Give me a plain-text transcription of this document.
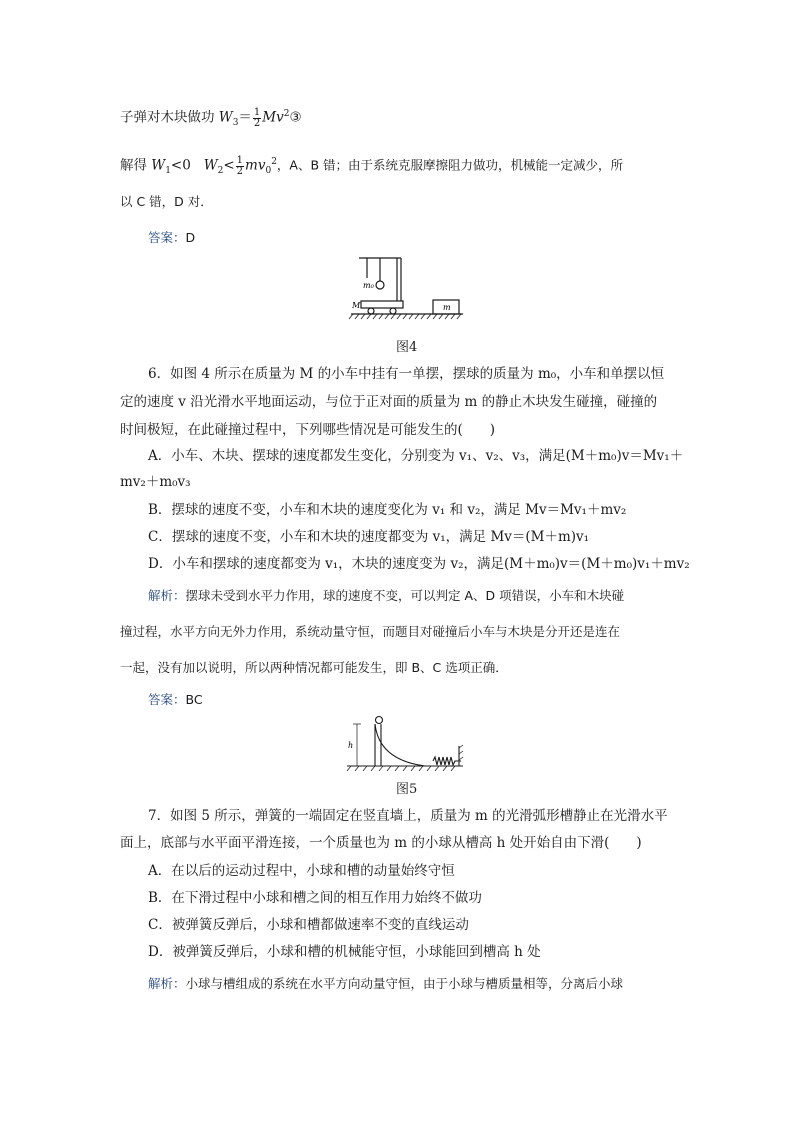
子弹对木块做功 $W_3= \frac{1}{2}$ Mv$^2$③
解得 $W_1<0$ $W_2< \frac{1}{2} mv_0^2$，A、B 错；由于系统克服摩擦阻力做功，机械能一定减少，所
以 C 错，D 对．
答案：D
m₀
M	m
图4
6．如图 4 所示在质量为 M 的小车中挂有一单摆，摆球的质量为 m₀，小车和单摆以恒
定的速度 v 沿光滑水平地面运动，与位于正对面的质量为 m 的静止木块发生碰撞，碰撞的
时间极短，在此碰撞过程中，下列哪些情况是可能发生的(　　)
A．小车、木块、摆球的速度都发生变化，分别变为 v₁、v₂、v₃，满足(M＋m₀)v＝Mv₁＋
mv₂＋m₀v₃
B．摆球的速度不变，小车和木块的速度变化为 v₁ 和 v₂，满足 Mv＝Mv₁＋mv₂
C．摆球的速度不变，小车和木块的速度都变为 v₁，满足 Mv＝(M＋m)v₁
D．小车和摆球的速度都变为 v₁，木块的速度变为 v₂，满足(M＋m₀)v＝(M＋m₀)v₁＋mv₂
解析：摆球未受到水平力作用，球的速度不变，可以判定 A、D 项错误，小车和木块碰
撞过程，水平方向无外力作用，系统动量守恒，而题目对碰撞后小车与木块是分开还是连在
一起，没有加以说明，所以两种情况都可能发生，即 B、C 选项正确．
答案：BC
h
图5
7．如图 5 所示，弹簧的一端固定在竖直墙上，质量为 m 的光滑弧形槽静止在光滑水平
面上，底部与水平面平滑连接，一个质量也为 m 的小球从槽高 h 处开始自由下滑(　　)
A．在以后的运动过程中，小球和槽的动量始终守恒
B．在下滑过程中小球和槽之间的相互作用力始终不做功
C．被弹簧反弹后，小球和槽都做速率不变的直线运动
D．被弹簧反弹后，小球和槽的机械能守恒，小球能回到槽高 h 处
解析：小球与槽组成的系统在水平方向动量守恒，由于小球与槽质量相等，分离后小球
